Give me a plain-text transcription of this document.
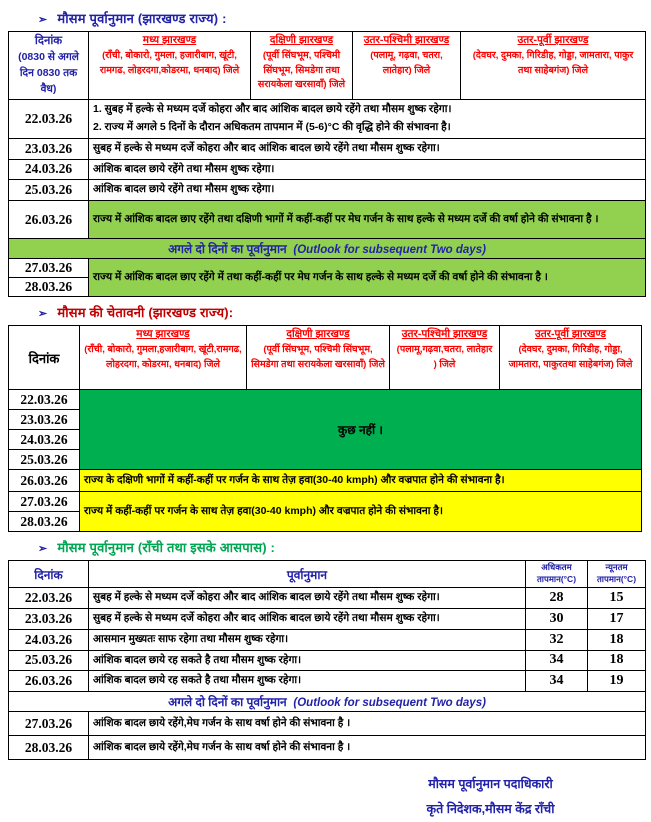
➢ मौसम पूर्वानुमान (झारखण्ड राज्य) :
दिनांक
(0830 से अगले
दिन 0830 तक
वैध)

मध्य झारखण्ड
(राँची, बोकारो, गुमला, हजारीबाग, खूंटी, रामगढ, लोहरदगा,कोडरमा, धनबाद) जिले

दक्षिणी झारखण्ड
(पूर्वी सिंघभूम, पश्चिमी सिंघभूम, सिमडेगा तथा सरायकेला खरसावाँ) जिले

उतर-पश्चिमी झारखण्ड
(पलामू, गढ़वा, चतरा, लातेहार) जिले

उतर-पूर्वी झारखण्ड
(देवघर, दुमका, गिरिडीह, गोड्डा, जामतारा, पाकुर तथा साहेबगंज) जिले

22.03.26	1. सुबह में हल्के से मध्यम दर्जे कोहरा और बाद आंशिक बादल छाये रहेंगे तथा मौसम शुष्क रहेगा।
2. राज्य में अगले 5 दिनों के दौरान अधिकतम तापमान में (5-6)°C की वृद्धि होने की संभावना है।			

23.03.26	सुबह में हल्के से मध्यम दर्जे कोहरा और बाद आंशिक बादल छाये रहेंगे तथा मौसम शुष्क रहेगा।			
24.03.26	आंशिक बादल छाये रहेंगे तथा मौसम शुष्क रहेगा।			
25.03.26	आंशिक बादल छाये रहेंगे तथा मौसम शुष्क रहेगा।			
26.03.26	राज्य में आंशिक बादल छाए रहेंगे तथा दक्षिणी भागों में कहीं-कहीं पर मेघ गर्जन के साथ हल्के से मध्यम दर्जे की वर्षा होने की संभावना है ।			
अगले दो दिनों का पूर्वानुमान (Outlook for subsequent Two days)				
27.03.26	राज्य में आंशिक बादल छाए रहेंगे में तथा कहीं-कहीं पर मेघ गर्जन के साथ हल्के से मध्यम दर्जे की वर्षा होने की संभावना है ।			
28.03.26				
➢ मौसम की चेतावनी (झारखण्ड राज्य):
दिनांक	
मध्य झारखण्ड
(राँची, बोकारो, गुमला,हजारीबाग, खूंटी,रामगढ, लोहरदगा, कोडरमा, धनबाद) जिले

दक्षिणी झारखण्ड
(पूर्वी सिंघभूम, पश्चिमी सिंघभूम, सिमडेगा तथा सरायकेला खरसावाँ) जिले

उतर-पश्चिमी झारखण्ड
(पलामू,गढ़वा,चतरा, लातेहार ) जिले

उतर-पूर्वी झारखण्ड
(देवघर, दुमका, गिरिडीह, गोड्डा, जामतारा, पाकुरतथा साहेबगंज) जिले

22.03.26	कुछ नहीं ।			
23.03.26				
24.03.26				
25.03.26				
26.03.26	राज्य के दक्षिणी भागों में कहीं-कहीं पर गर्जन के साथ तेज़ हवा(30-40 kmph) और वज्रपात होने की संभावना है।			
27.03.26	राज्य में कहीं-कहीं पर गर्जन के साथ तेज़ हवा(30-40 kmph) और वज्रपात होने की संभावना है।			
28.03.26				
➢ मौसम पूर्वानुमान (राँची तथा इसके आसपास) :
दिनांक	पूर्वानुमान	
अधिकतम
तापमान(°C)

न्यूनतम
तापमान(°C)

22.03.26	सुबह में हल्के से मध्यम दर्जे कोहरा और बाद आंशिक बादल छाये रहेंगे तथा मौसम शुष्क रहेगा।	28	15
23.03.26	सुबह में हल्के से मध्यम दर्जे कोहरा और बाद आंशिक बादल छाये रहेंगे तथा मौसम शुष्क रहेगा।	30	17
24.03.26	आसमान मुख्यतः साफ रहेगा तथा मौसम शुष्क रहेगा।	32	18
25.03.26	आंशिक बादल छाये रह सकते है तथा मौसम शुष्क रहेगा।	34	18
26.03.26	आंशिक बादल छाये रह सकते है तथा मौसम शुष्क रहेगा।	34	19
अगले दो दिनों का पूर्वानुमान (Outlook for subsequent Two days)			
27.03.26	आंशिक बादल छाये रहेंगे,मेघ गर्जन के साथ वर्षा होने की संभावना है ।		
28.03.26	आंशिक बादल छाये रहेंगे,मेघ गर्जन के साथ वर्षा होने की संभावना है ।		
मौसम पूर्वानुमान पदाधिकारी
कृते निदेशक,मौसम केंद्र राँची
